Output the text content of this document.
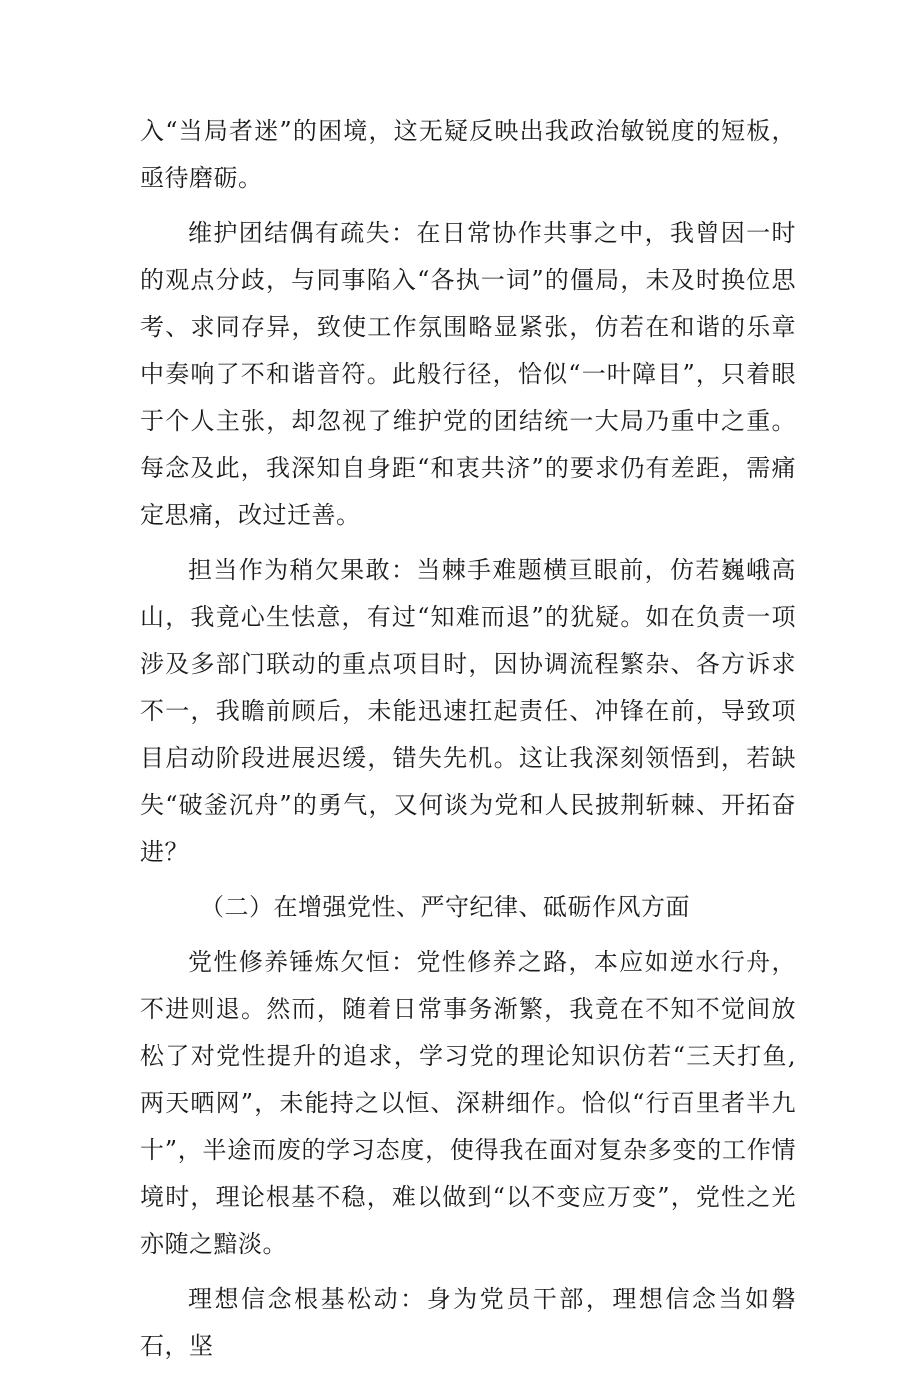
入“当局者迷”的困境，这无疑反映出我政治敏锐度的短板，亟待磨砺。

维护团结偶有疏失：在日常协作共事之中，我曾因一时的观点分歧，与同事陷入“各执一词”的僵局，未及时换位思考、求同存异，致使工作氛围略显紧张，仿若在和谐的乐章中奏响了不和谐音符。此般行径，恰似“一叶障目”，只着眼于个人主张，却忽视了维护党的团结统一大局乃重中之重。每念及此，我深知自身距“和衷共济”的要求仍有差距，需痛定思痛，改过迁善。

担当作为稍欠果敢：当棘手难题横亘眼前，仿若巍峨高山，我竟心生怯意，有过“知难而退”的犹疑。如在负责一项涉及多部门联动的重点项目时，因协调流程繁杂、各方诉求不一，我瞻前顾后，未能迅速扛起责任、冲锋在前，导致项目启动阶段进展迟缓，错失先机。这让我深刻领悟到，若缺失“破釜沉舟”的勇气，又何谈为党和人民披荆斩棘、开拓奋进？

（二）在增强党性、严守纪律、砥砺作风方面

党性修养锤炼欠恒：党性修养之路，本应如逆水行舟，不进则退。然而，随着日常事务渐繁，我竟在不知不觉间放松了对党性提升的追求，学习党的理论知识仿若“三天打鱼,两天晒网”，未能持之以恒、深耕细作。恰似“行百里者半九十”，半途而废的学习态度，使得我在面对复杂多变的工作情境时，理论根基不稳，难以做到“以不变应万变”，党性之光亦随之黯淡。

理想信念根基松动：身为党员干部，理想信念当如磐石，坚
